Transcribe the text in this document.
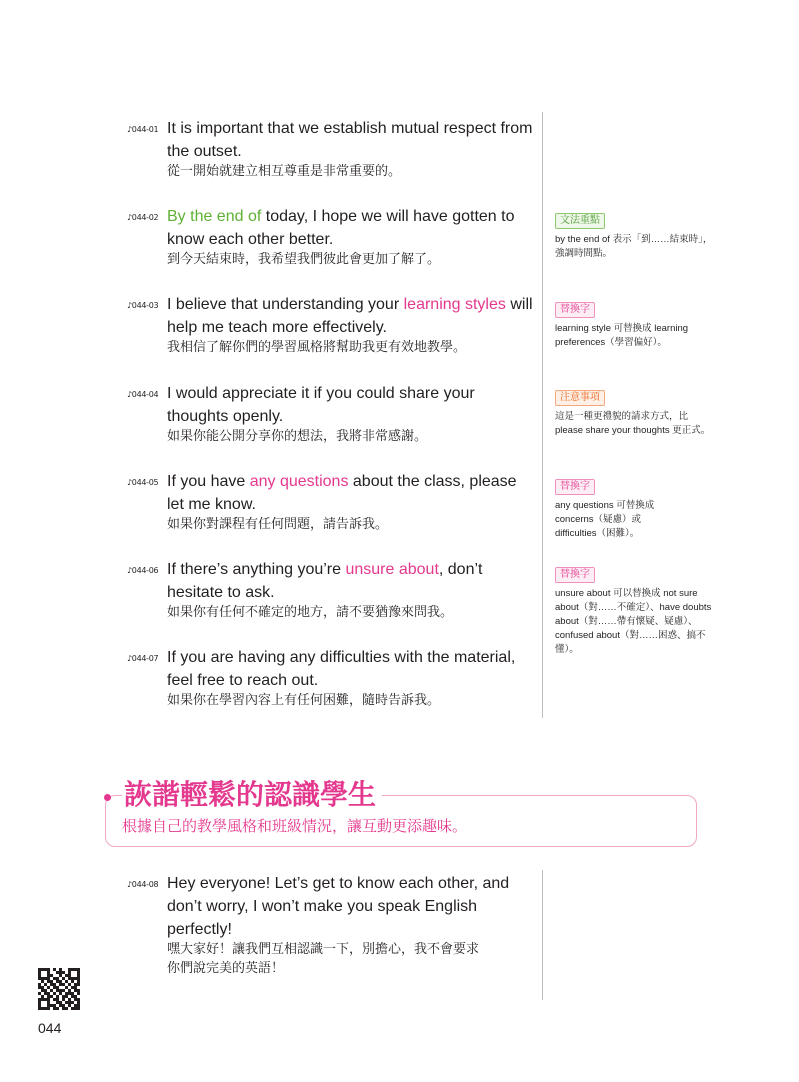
♪044-01 It is important that we establish mutual respect from the outset.
從一開始就建立相互尊重是非常重要的。
♪044-02 By the end of today, I hope we will have gotten to know each other better.
到今天結束時，我希望我們彼此會更加了解了。
♪044-03 I believe that understanding your learning styles will help me teach more effectively.
我相信了解你們的學習風格將幫助我更有效地教學。
♪044-04 I would appreciate it if you could share your thoughts openly.
如果你能公開分享你的想法，我將非常感謝。
♪044-05 If you have any questions about the class, please let me know.
如果你對課程有任何問題，請告訴我。
♪044-06 If there’s anything you’re unsure about, don’t hesitate to ask.
如果你有任何不確定的地方，請不要猶豫來問我。
♪044-07 If you are having any difficulties with the material, feel free to reach out.
如果你在學習內容上有任何困難，隨時告訴我。
文法重點
by the end of 表示「到……結束時」，強調時間點。
替換字
learning style 可替換成 learning preferences（學習偏好）。
注意事項
這是一種更禮貌的請求方式，比 please share your thoughts 更正式。
替換字
any questions 可替換成 concerns（疑慮）或 difficulties（困難）。
替換字
unsure about 可以替換成 not sure about（對……不確定）、have doubts about（對……帶有懷疑、疑慮）、confused about（對……困惑、搞不懂）。
詼諧輕鬆的認識學生
根據自己的教學風格和班級情況，讓互動更添趣味。
♪044-08 Hey everyone! Let’s get to know each other, and don’t worry, I won’t make you speak English perfectly!
嘿大家好！讓我們互相認識一下，別擔心，我不會要求
你們說完美的英語！
044
